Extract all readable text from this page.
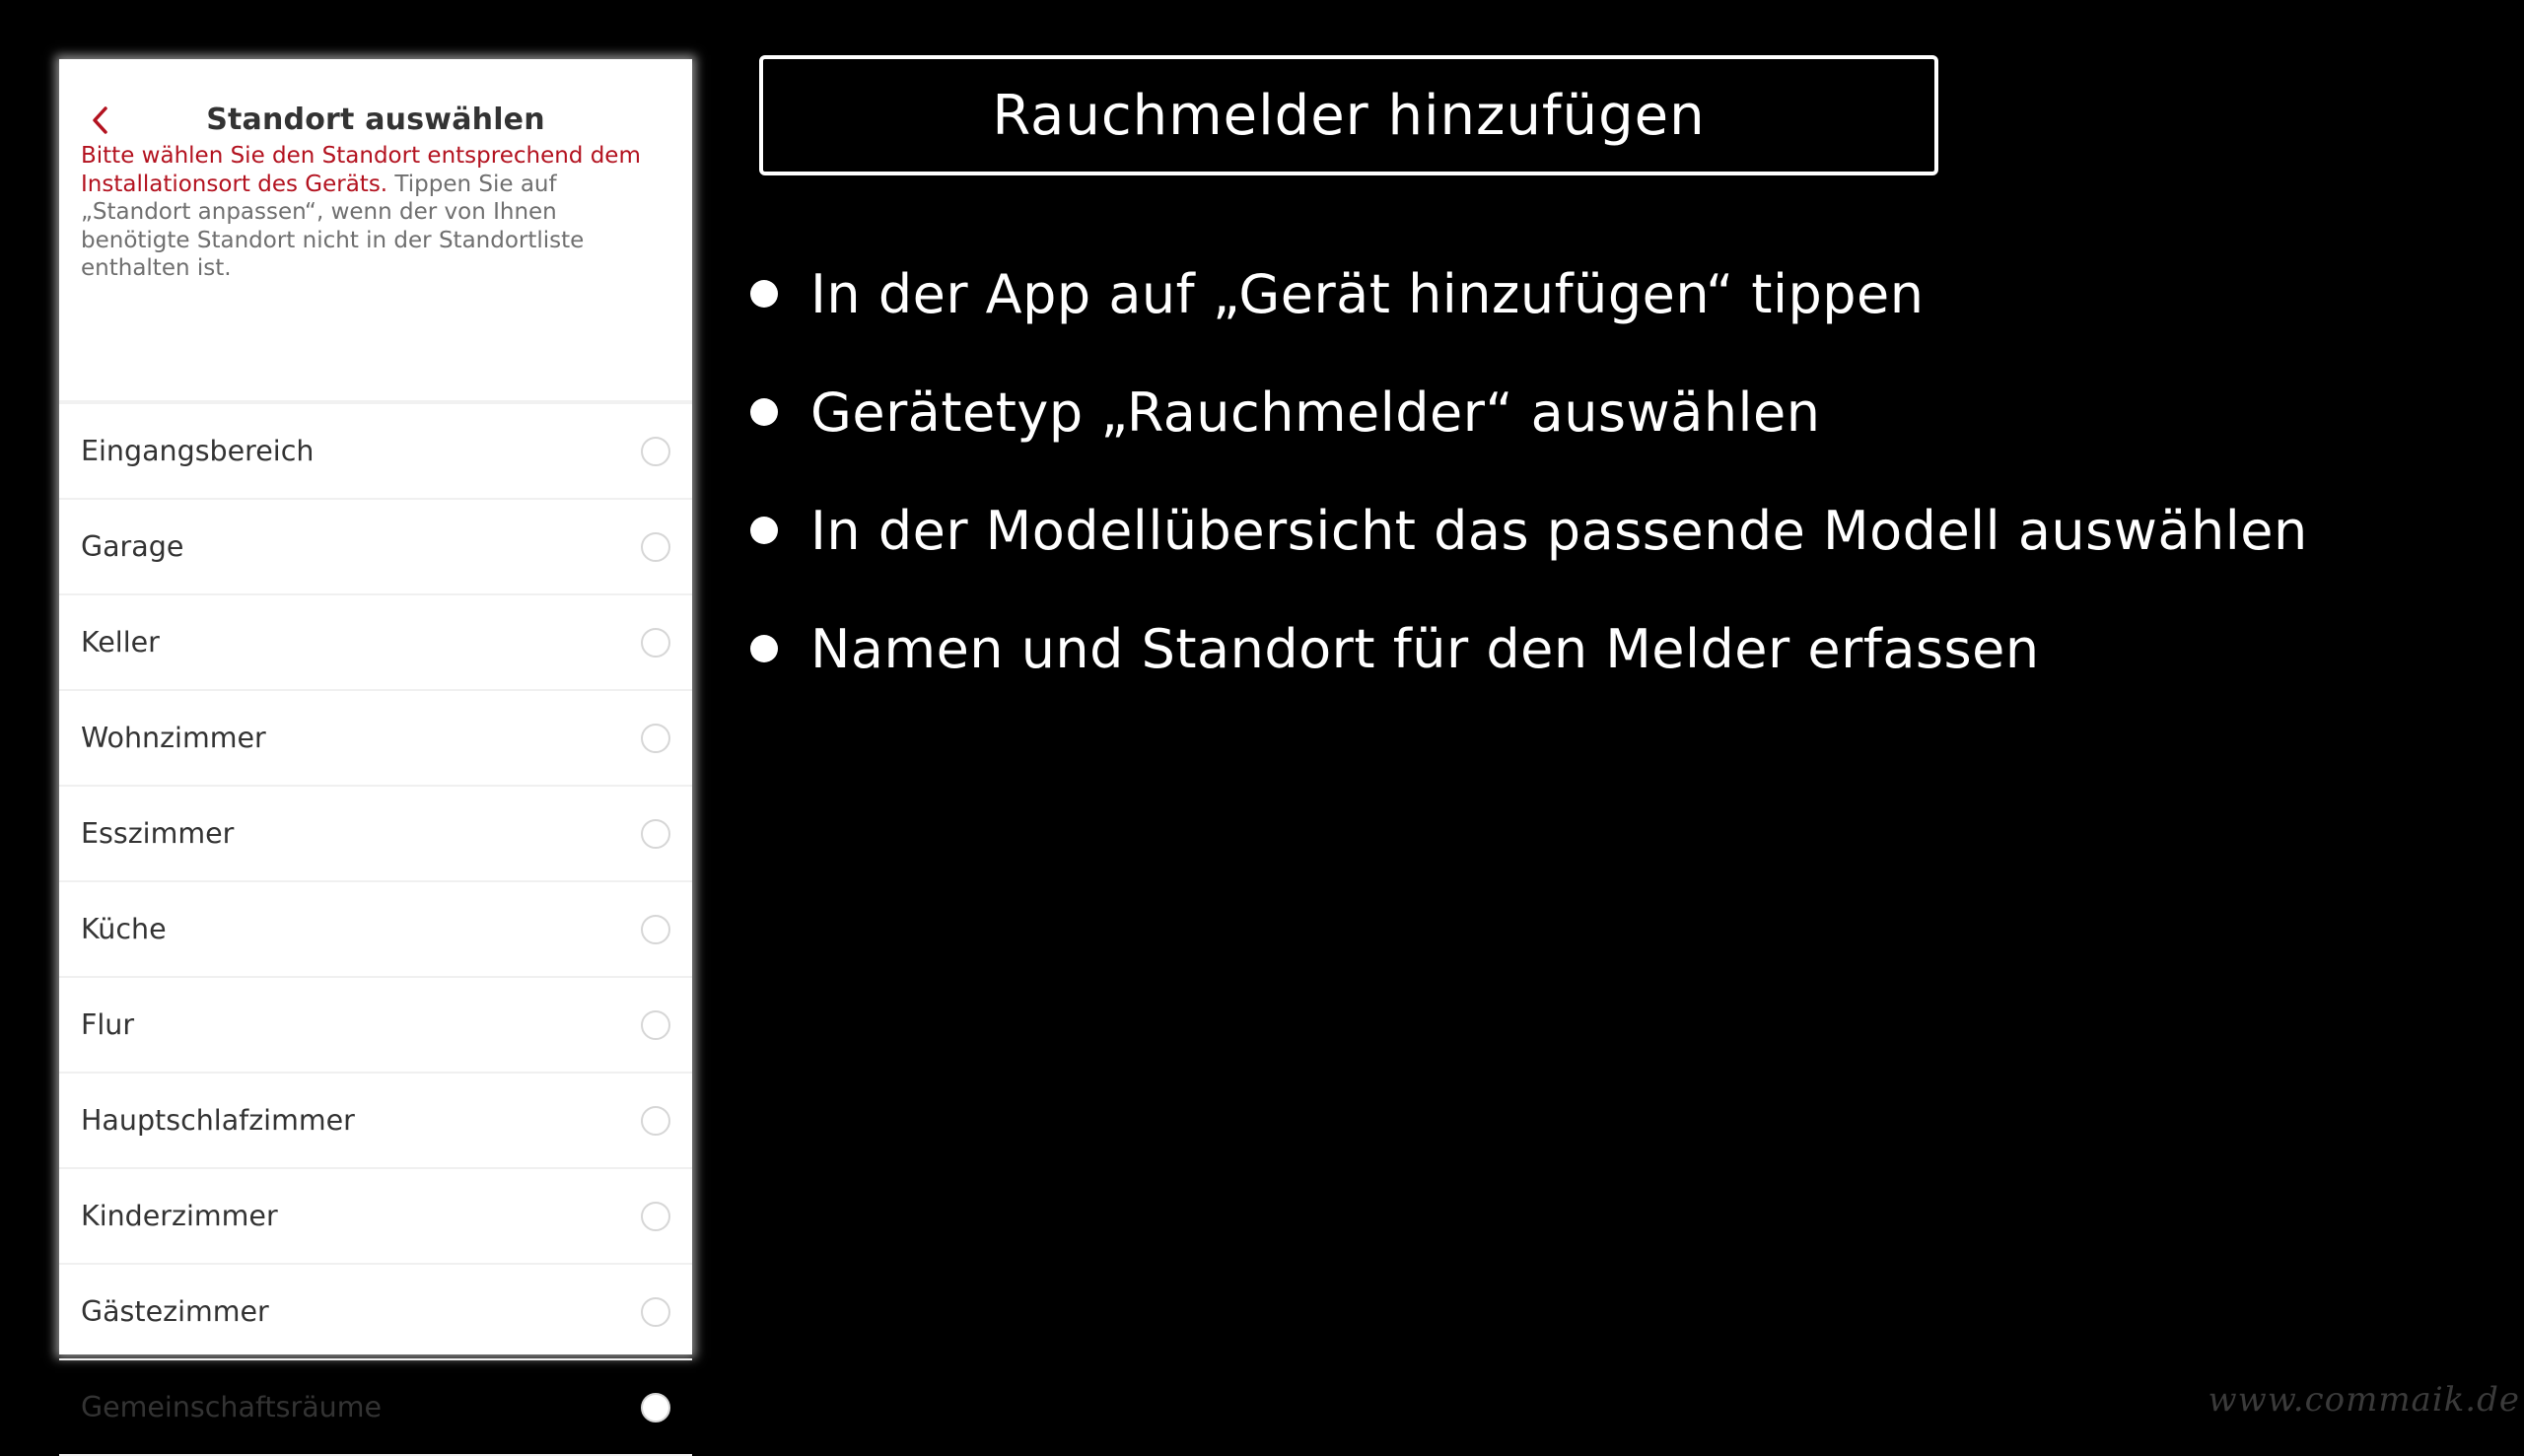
Standort auswählen
Bitte wählen Sie den Standort entsprechend dem Installationsort des Geräts. Tippen Sie auf „Standort anpassen“, wenn der von Ihnen benötigte Standort nicht in der Standortliste enthalten ist.
Eingangsbereich
Garage
Keller
Wohnzimmer
Esszimmer
Küche
Flur
Hauptschlafzimmer
Kinderzimmer
Gästezimmer
Gemeinschaftsräume
Rauchmelder hinzufügen
In der App auf „Gerät hinzufügen“ tippen
Gerätetyp „Rauchmelder“ auswählen
In der Modellübersicht das passende Modell auswählen
Namen und Standort für den Melder erfassen
www.commaik.de
